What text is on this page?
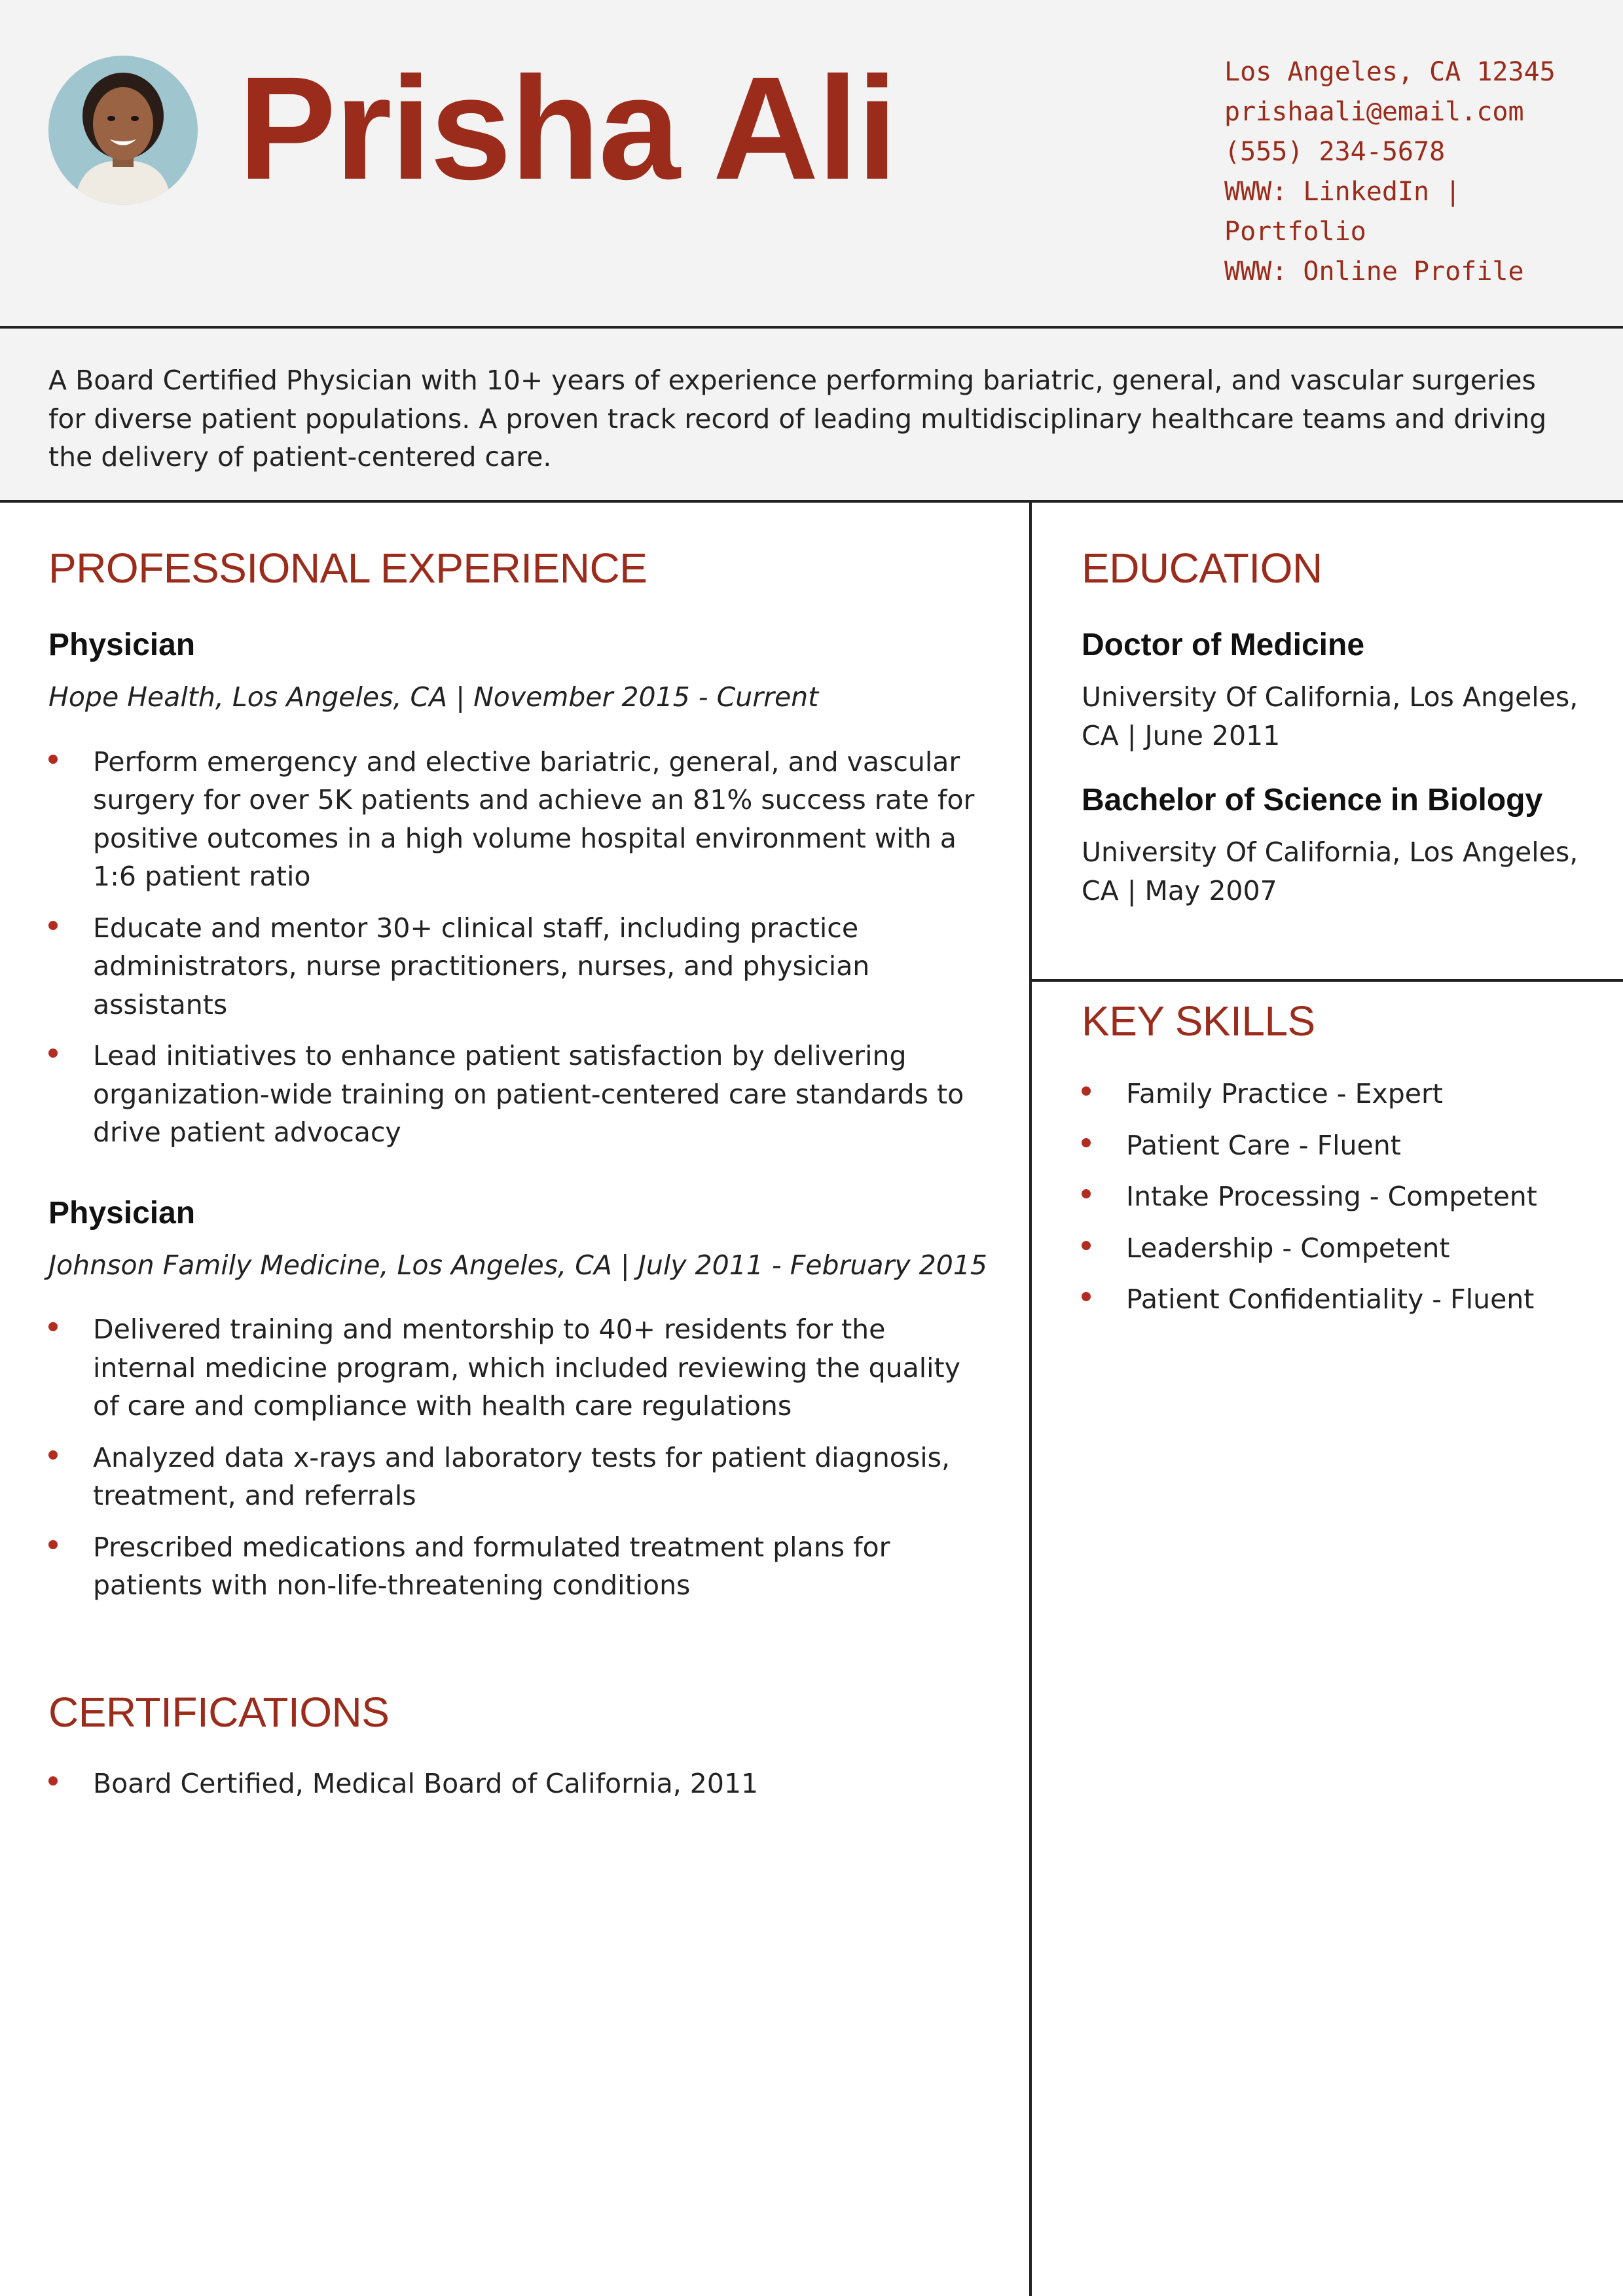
Prisha Ali	Los Angeles, CA 12345
prishaali@email.com
(555) 234-5678
WWW: LinkedIn |
Portfolio
WWW: Online Profile

A Board Certified Physician with 10+ years of experience performing bariatric, general, and vascular surgeries for diverse patient populations. A proven track record of leading multidisciplinary healthcare teams and driving the delivery of patient-centered care.

PROFESSIONAL EXPERIENCE
Physician

Hope Health, Los Angeles, CA | November 2015 - Current

Perform emergency and elective bariatric, general, and vascular surgery for over 5K patients and achieve an 81% success rate for positive outcomes in a high volume hospital environment with a 1:6 patient ratio
Educate and mentor 30+ clinical staff, including practice administrators, nurse practitioners, nurses, and physician assistants
Lead initiatives to enhance patient satisfaction by delivering organization-wide training on patient-centered care standards to drive patient advocacy
Physician

Johnson Family Medicine, Los Angeles, CA | July 2011 - February 2015

Delivered training and mentorship to 40+ residents for the internal medicine program, which included reviewing the quality of care and compliance with health care regulations
Analyzed data x-rays and laboratory tests for patient diagnosis, treatment, and referrals
Prescribed medications and formulated treatment plans for patients with non-life-threatening conditions
CERTIFICATIONS
Board Certified, Medical Board of California, 2011
EDUCATION
Doctor of Medicine

University Of California, Los Angeles, CA | June 2011

Bachelor of Science in Biology

University Of California, Los Angeles, CA | May 2007

KEY SKILLS
Family Practice - Expert
Patient Care - Fluent
Intake Processing - Competent
Leadership - Competent
Patient Confidentiality - Fluent
